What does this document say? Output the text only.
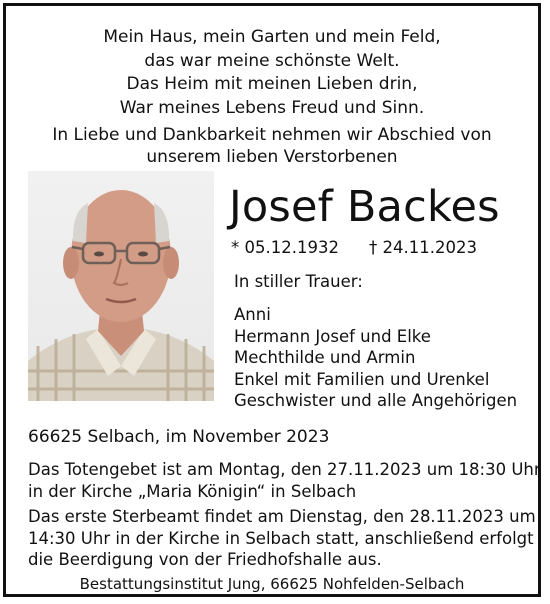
Mein Haus, mein Garten und mein Feld,
das war meine schönste Welt.
Das Heim mit meinen Lieben drin,
War meines Lebens Freud und Sinn.
In Liebe und Dankbarkeit nehmen wir Abschied von
unserem lieben Verstorbenen
Josef Backes
* 05.12.1932 † 24.11.2023
In stiller Trauer:
Anni
Hermann Josef und Elke
Mechthilde und Armin
Enkel mit Familien und Urenkel
Geschwister und alle Angehörigen
66625 Selbach, im November 2023
Das Totengebet ist am Montag, den 27.11.2023 um 18:30 Uhr
in der Kirche „Maria Königin“ in Selbach
Das erste Sterbeamt findet am Dienstag, den 28.11.2023 um
14:30 Uhr in der Kirche in Selbach statt, anschließend erfolgt
die Beerdigung von der Friedhofshalle aus.
Bestattungsinstitut Jung, 66625 Nohfelden-Selbach
